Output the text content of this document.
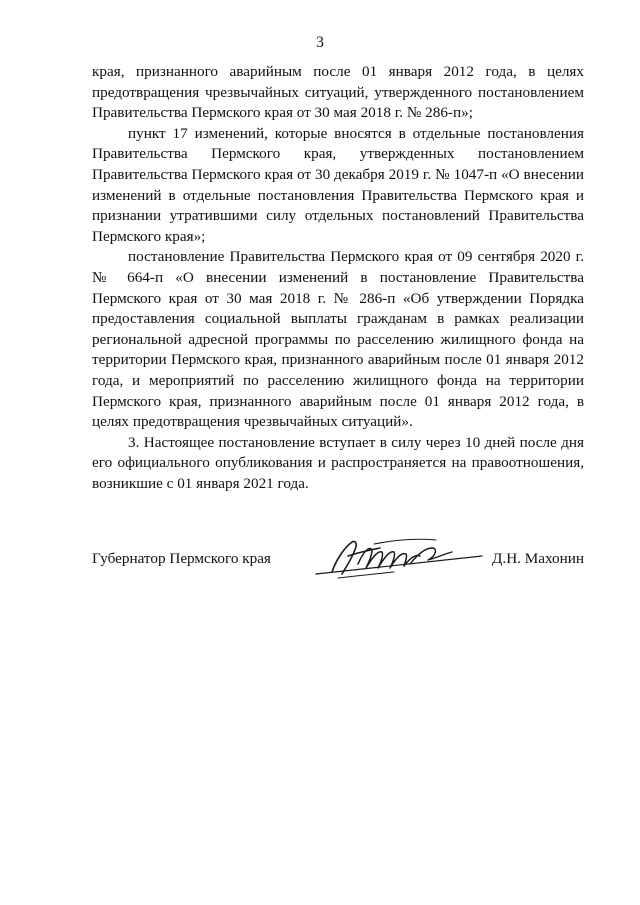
3

края, признанного аварийным после 01 января 2012 года, в целях предотвращения чрезвычайных ситуаций, утвержденного постановлением Правительства Пермского края от 30 мая 2018 г. № 286-п»;

пункт 17 изменений, которые вносятся в отдельные постановления Правительства Пермского края, утвержденных постановлением Правительства Пермского края от 30 декабря 2019 г. № 1047-п «О внесении изменений в отдельные постановления Правительства Пермского края и признании утратившими силу отдельных постановлений Правительства Пермского края»;

постановление Правительства Пермского края от 09 сентября 2020 г. № 664-п «О внесении изменений в постановление Правительства Пермского края от 30 мая 2018 г. № 286-п «Об утверждении Порядка предоставления социальной выплаты гражданам в рамках реализации региональной адресной программы по расселению жилищного фонда на территории Пермского края, признанного аварийным после 01 января 2012 года, и мероприятий по расселению жилищного фонда на территории Пермского края, признанного аварийным после 01 января 2012 года, в целях предотвращения чрезвычайных ситуаций».

3. Настоящее постановление вступает в силу через 10 дней после дня его официального опубликования и распространяется на правоотношения, возникшие с 01 января 2021 года.

Губернатор Пермского края	Д.Н. Махонин
